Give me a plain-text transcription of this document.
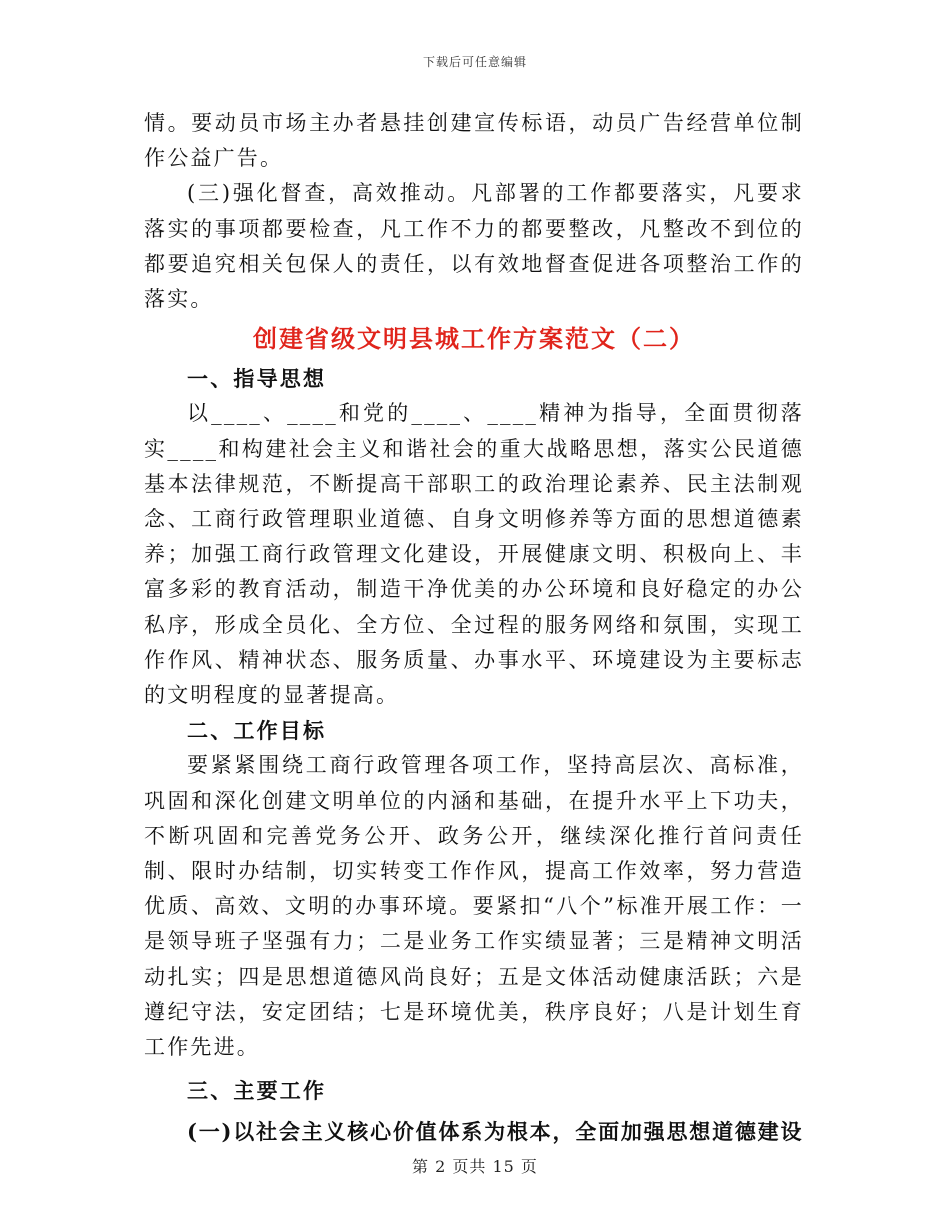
下载后可任意编辑

情。要动员市场主办者悬挂创建宣传标语，动员广告经营单位制作公益广告。

(三)强化督查，高效推动。凡部署的工作都要落实，凡要求落实的事项都要检查，凡工作不力的都要整改，凡整改不到位的都要追究相关包保人的责任，以有效地督查促进各项整治工作的落实。

创建省级文明县城工作方案范文（二）
一、指导思想

以____、____和党的____、____精神为指导，全面贯彻落实____和构建社会主义和谐社会的重大战略思想，落实公民道德基本法律规范，不断提高干部职工的政治理论素养、民主法制观念、工商行政管理职业道德、自身文明修养等方面的思想道德素养；加强工商行政管理文化建设，开展健康文明、积极向上、丰富多彩的教育活动，制造干净优美的办公环境和良好稳定的办公私序，形成全员化、全方位、全过程的服务网络和氛围，实现工作作风、精神状态、服务质量、办事水平、环境建设为主要标志的文明程度的显著提高。

二、工作目标

要紧紧围绕工商行政管理各项工作，坚持高层次、高标准，巩固和深化创建文明单位的内涵和基础，在提升水平上下功夫，不断巩固和完善党务公开、政务公开，继续深化推行首问责任制、限时办结制，切实转变工作作风，提高工作效率，努力营造优质、高效、文明的办事环境。要紧扣“八个”标准开展工作：一是领导班子坚强有力；二是业务工作实绩显著；三是精神文明活动扎实；四是思想道德风尚良好；五是文体活动健康活跃；六是遵纪守法，安定团结；七是环境优美，秩序良好；八是计划生育工作先进。

三、主要工作
(一)以社会主义核心价值体系为根本，全面加强思想道德建设
第 2 页共 15 页
